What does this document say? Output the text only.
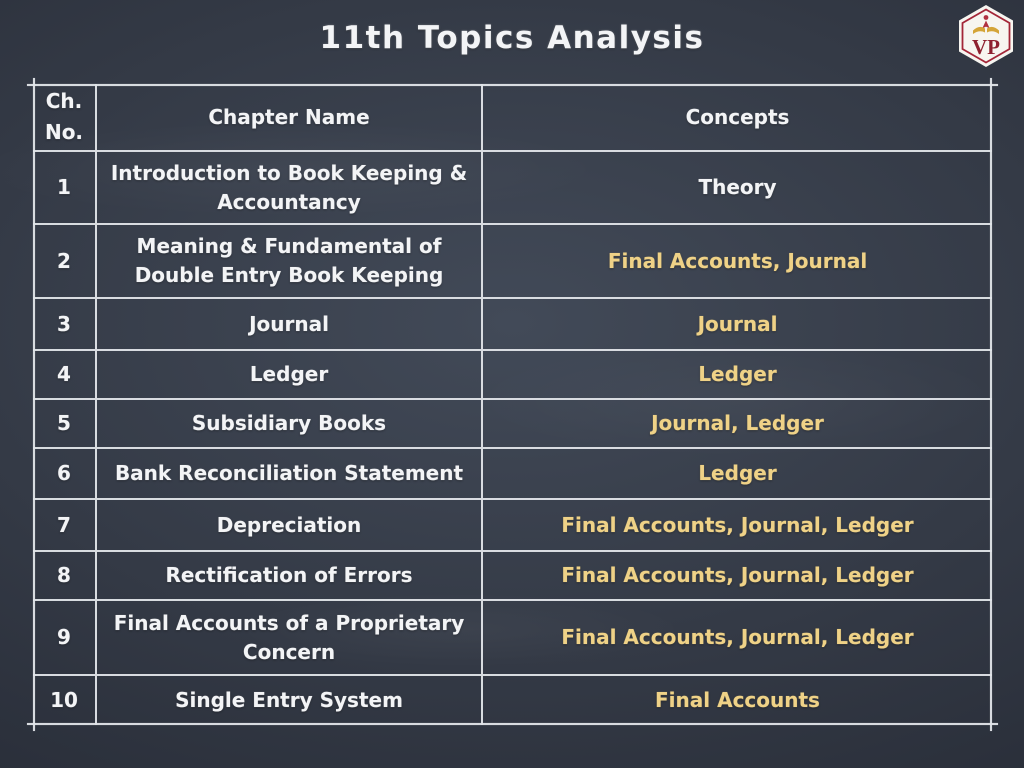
11th Topics Analysis	VP
Ch.
No.	Chapter Name	Concepts
1	Introduction to Book Keeping & Accountancy	Theory
2	Meaning & Fundamental of Double Entry Book Keeping	Final Accounts, Journal
3	Journal	Journal
4	Ledger	Ledger
5	Subsidiary Books	Journal, Ledger
6	Bank Reconciliation Statement	Ledger
7	Depreciation	Final Accounts, Journal, Ledger
8	Rectification of Errors	Final Accounts, Journal, Ledger
9	Final Accounts of a Proprietary Concern	Final Accounts, Journal, Ledger
10	Single Entry System	Final Accounts
